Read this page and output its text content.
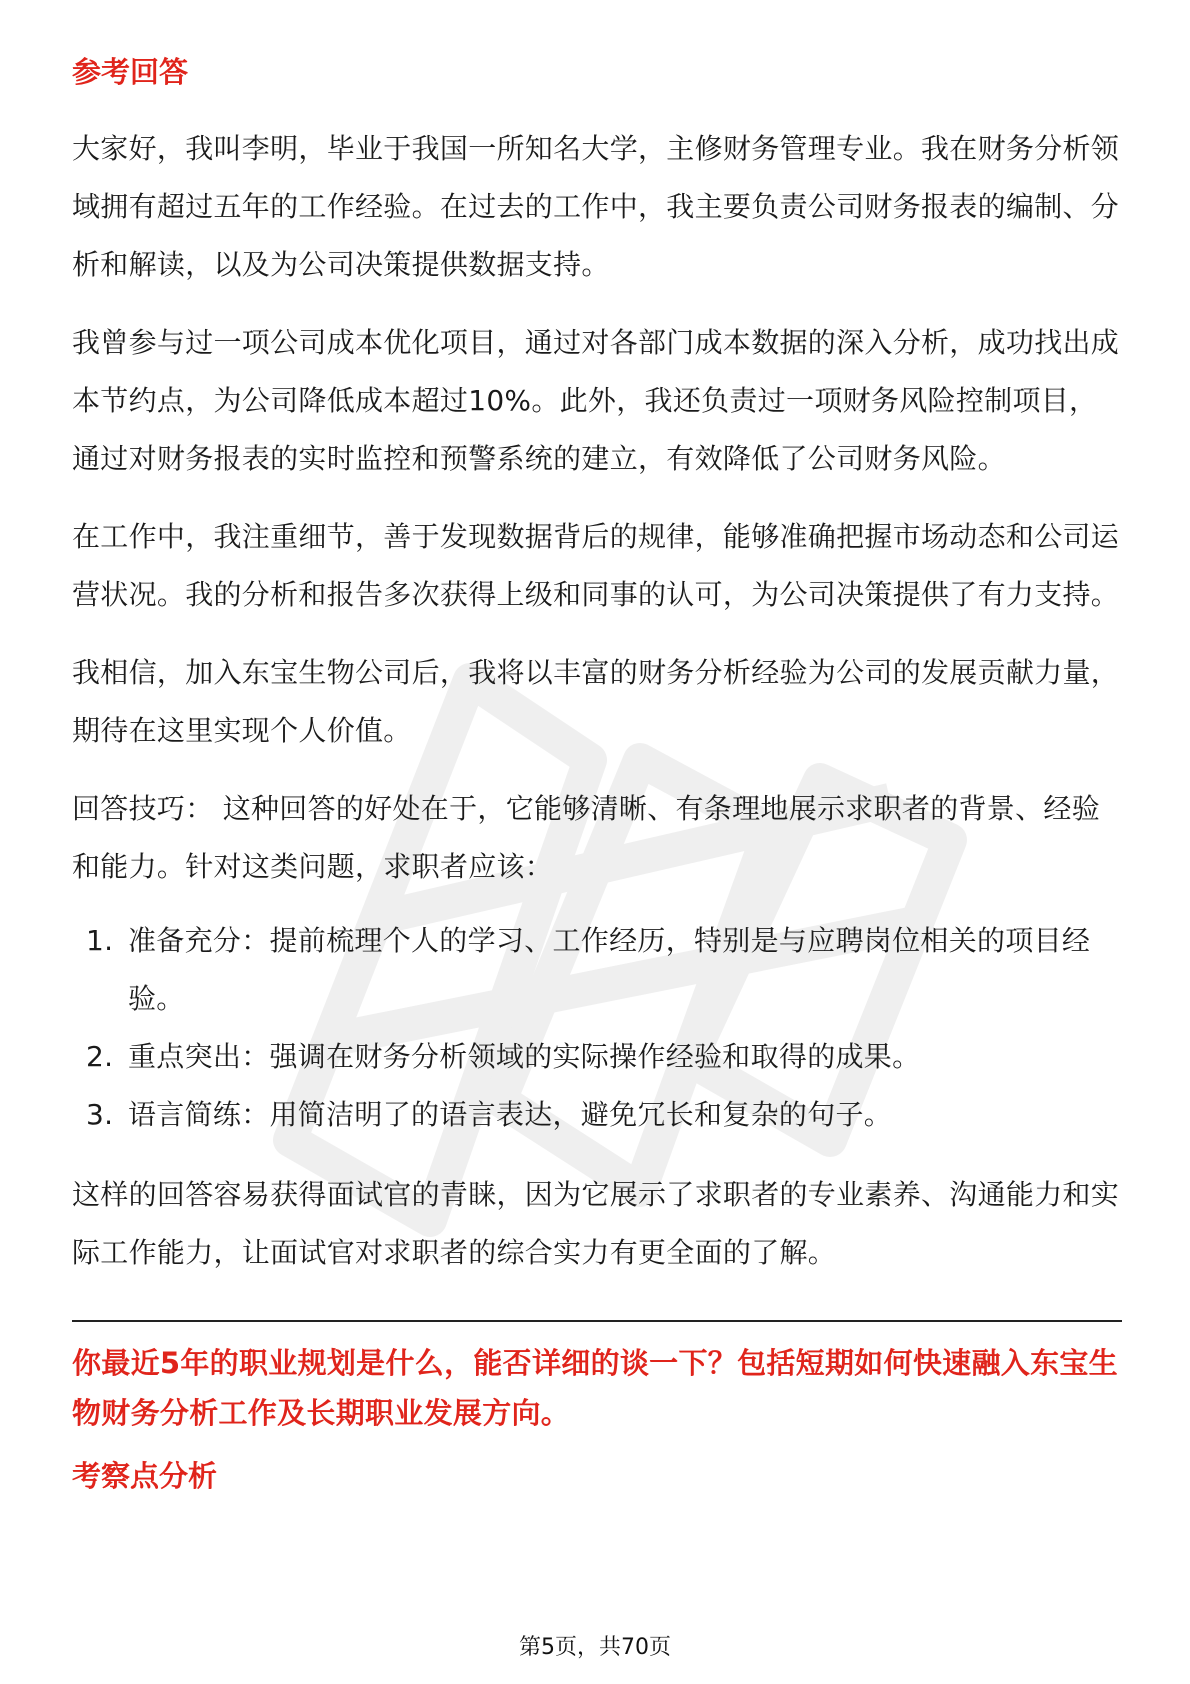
参考回答

大家好，我叫李明，毕业于我国一所知名大学，主修财务管理专业。我在财务分析领域拥有超过五年的工作经验。在过去的工作中，我主要负责公司财务报表的编制、分析和解读，以及为公司决策提供数据支持。

我曾参与过一项公司成本优化项目，通过对各部门成本数据的深入分析，成功找出成本节约点，为公司降低成本超过10%。此外，我还负责过一项财务风险控制项目，通过对财务报表的实时监控和预警系统的建立，有效降低了公司财务风险。

在工作中，我注重细节，善于发现数据背后的规律，能够准确把握市场动态和公司运营状况。我的分析和报告多次获得上级和同事的认可，为公司决策提供了有力支持。

我相信，加入东宝生物公司后，我将以丰富的财务分析经验为公司的发展贡献力量，期待在这里实现个人价值。

回答技巧： 这种回答的好处在于，它能够清晰、有条理地展示求职者的背景、经验和能力。针对这类问题，求职者应该：

1. 准备充分：提前梳理个人的学习、工作经历，特别是与应聘岗位相关的项目经验。
2. 重点突出：强调在财务分析领域的实际操作经验和取得的成果。
3. 语言简练：用简洁明了的语言表达，避免冗长和复杂的句子。

这样的回答容易获得面试官的青睐，因为它展示了求职者的专业素养、沟通能力和实际工作能力，让面试官对求职者的综合实力有更全面的了解。

你最近5年的职业规划是什么，能否详细的谈一下？包括短期如何快速融入东宝生物财务分析工作及长期职业发展方向。
考察点分析
第5页，共70页
